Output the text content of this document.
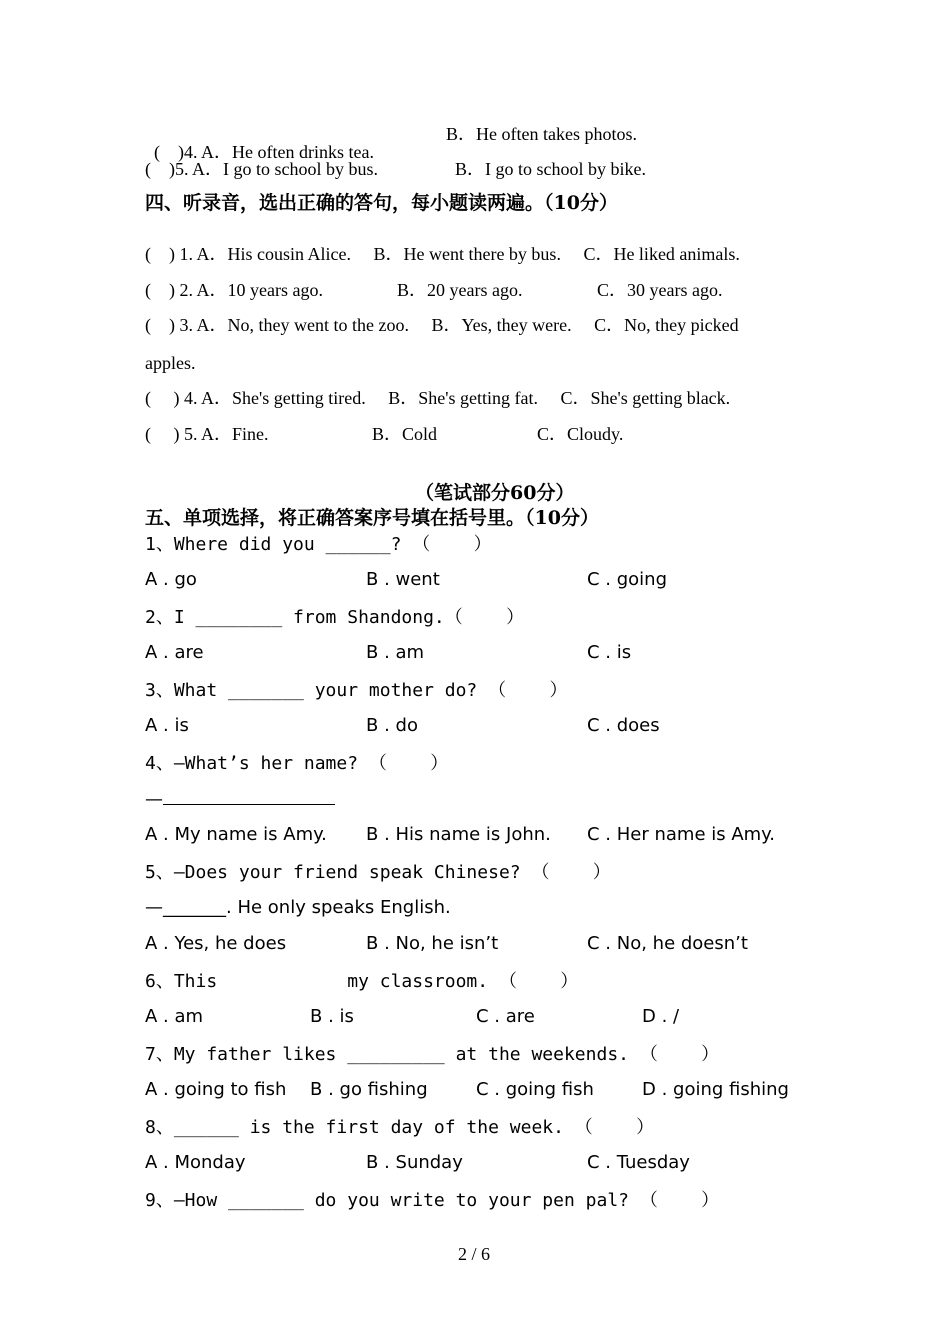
(    )4. A．He often drinks tea.

B．He often takes photos.
(    )5. A．I go to school by bus.	B．I go to school by bike.
四、听录音，选出正确的答句，每小题读两遍。（10分）
(    ) 1. A．His cousin Alice.     B．He went there by bus.     C．He liked animals.
(    ) 2. A．10 years ago.	B．20 years ago.	C．30 years ago.
(    ) 3. A．No, they went to the zoo.     B．Yes, they were.     C．No, they picked
apples.
(     ) 4. A．She's getting tired.     B．She's getting fat.     C．She's getting black.
(     ) 5. A．Fine.	B．Cold	C．Cloudy.
（笔试部分60分）
五、单项选择，将正确答案序号填在括号里。（10分）
1、Where did you ______? （    ）
A . go	B . went	C . going
2、I ________ from Shandong.（    ）
A . are	B . am	C . is
3、What _______ your mother do? （    ）
A . is	B . do	C . does
4、—What’s her name? （    ）
—
A . My name is Amy. B . His name is John. C . Her name is Amy.
5、—Does your friend speak Chinese? （    ）
—_______. He only speaks English.
A . Yes, he does	B . No, he isn’t	C . No, he doesn’t
6、This            my classroom. （    ）
A . am	B . is	C . are	D . /
7、My father likes _________ at the weekends. （    ）
A . going to fish B . go fishing	C . going fish	D . going fishing
8、______ is the first day of the week. （    ）
A . Monday	B . Sunday	C . Tuesday
9、—How _______ do you write to your pen pal? （    ）
2 / 6
